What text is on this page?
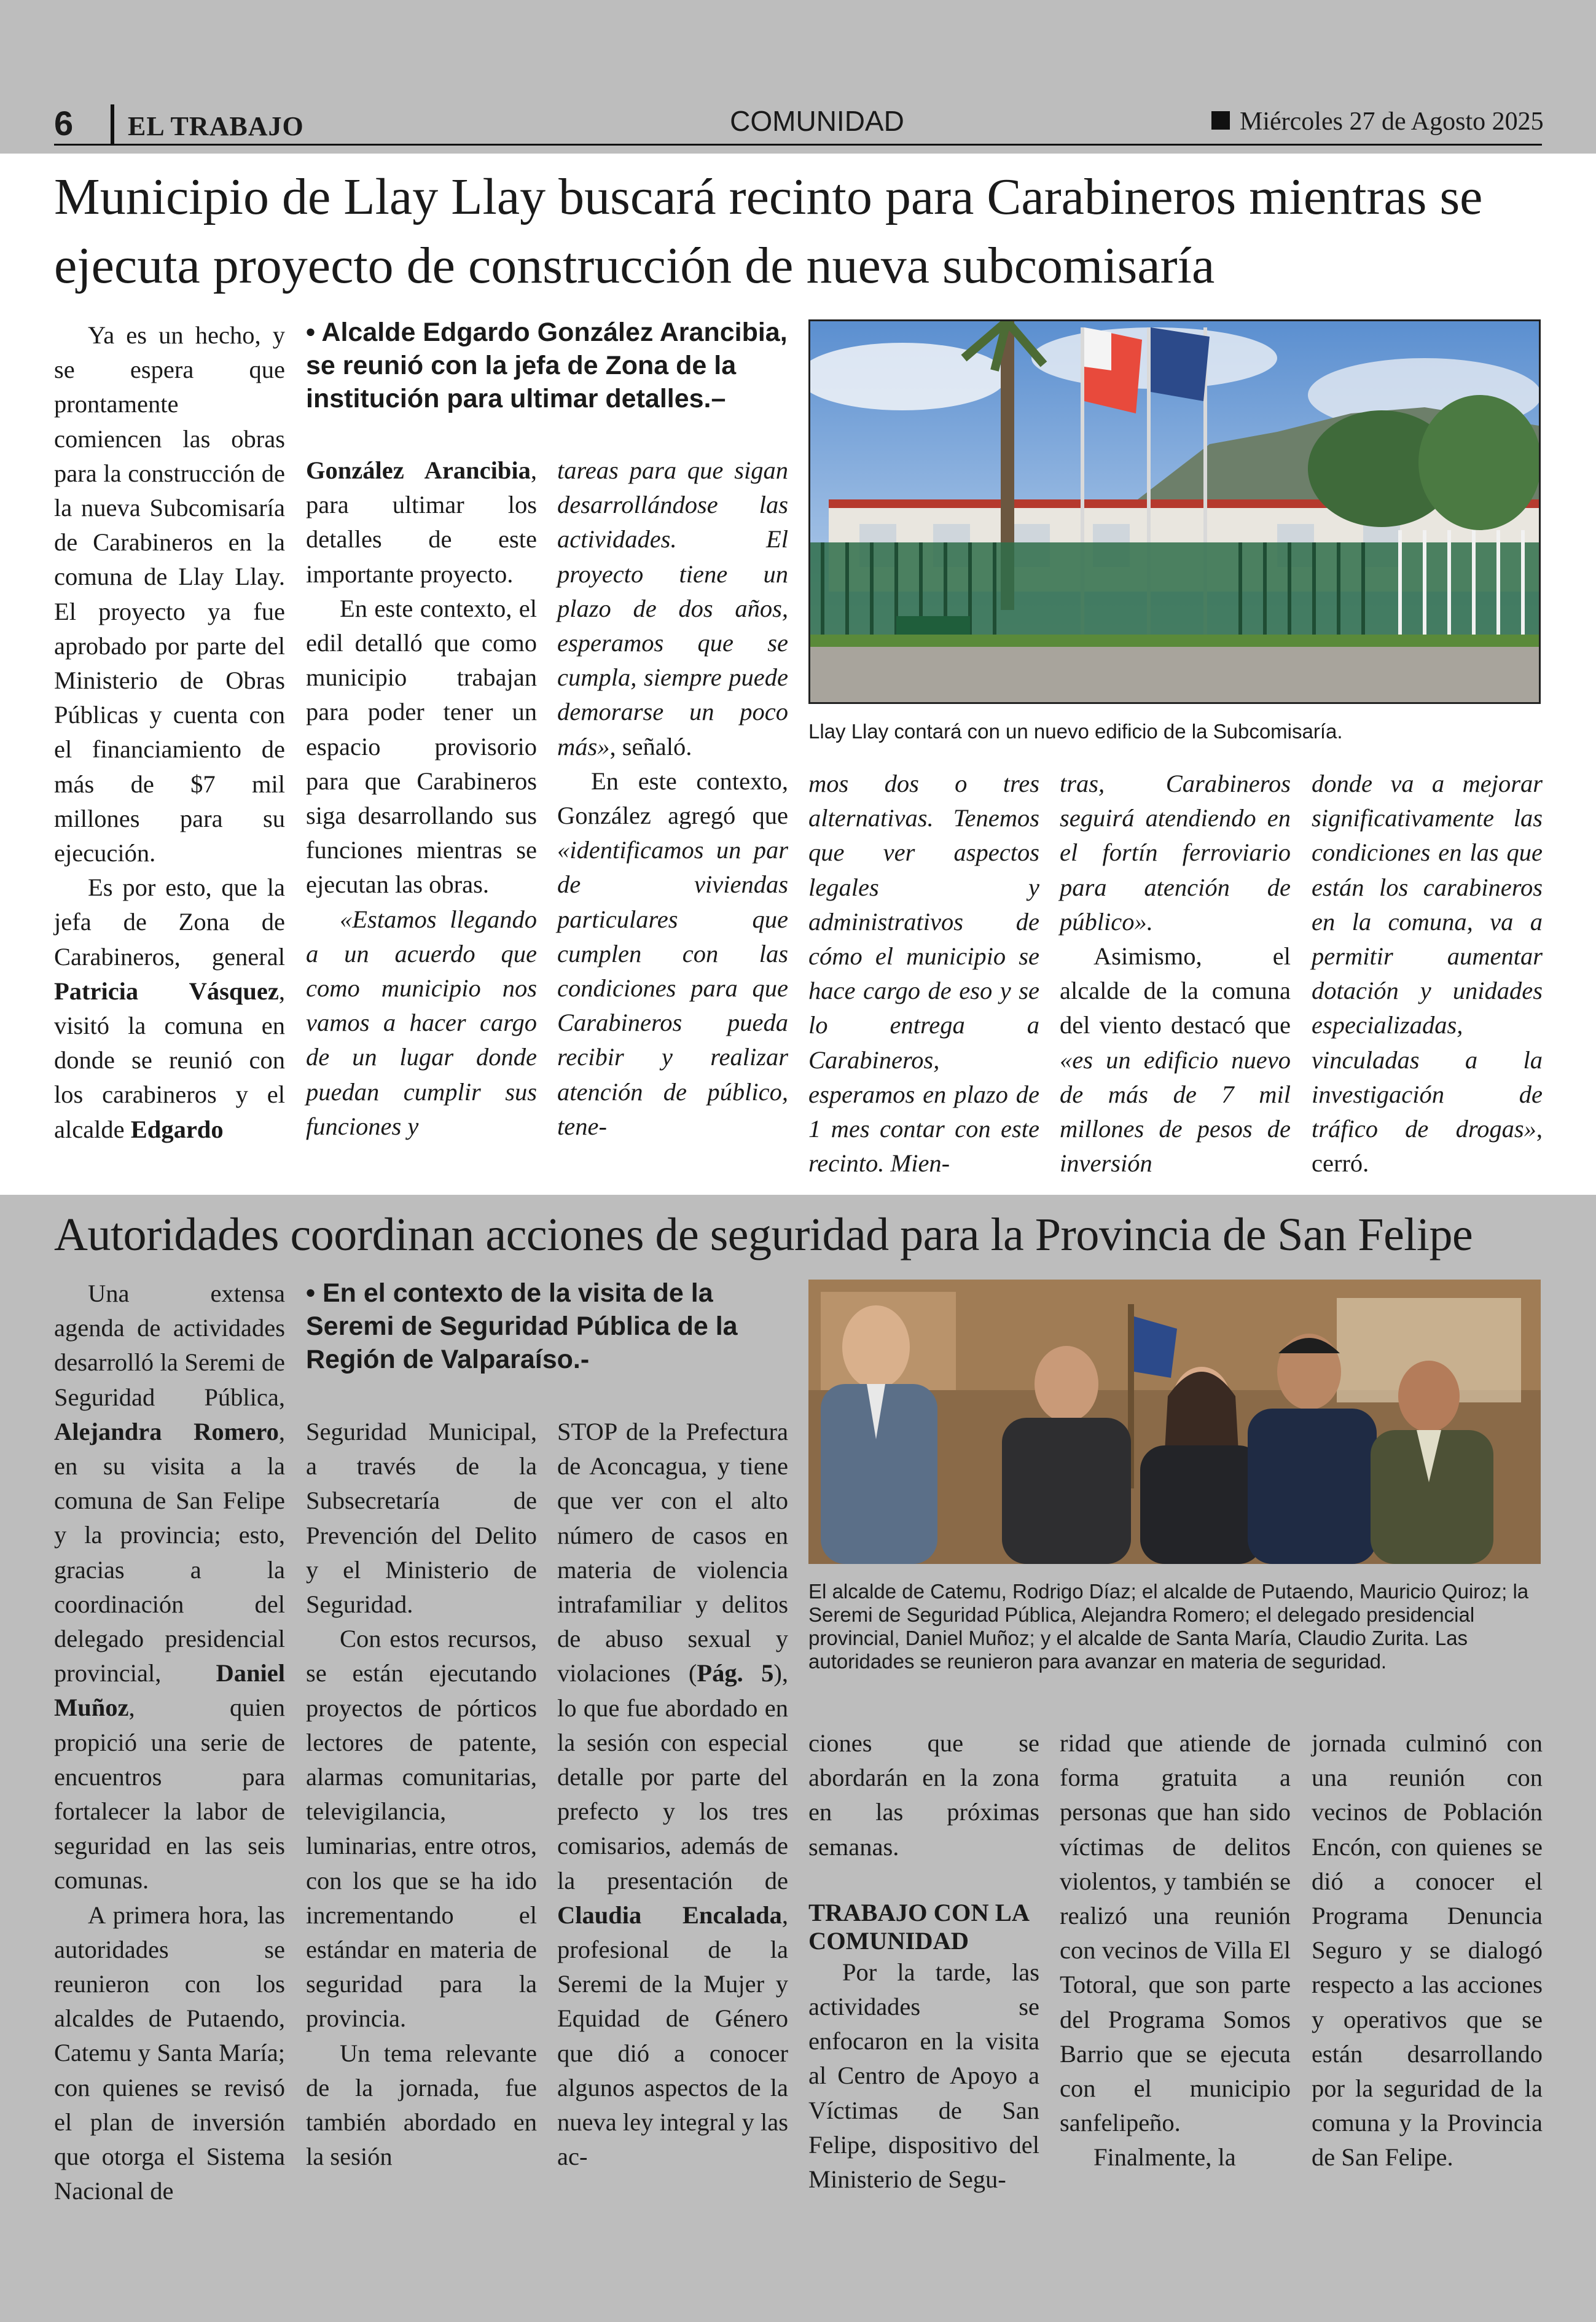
6 EL TRABAJO	COMUNIDAD	Miércoles 27 de Agosto 2025
Municipio de Llay Llay buscará recinto para Carabineros mientras se ejecuta proyecto de construcción de nueva subcomisaría
• Alcalde Edgardo González Arancibia, se reunió con la jefa de Zona de la institución para ultimar detalles.–

Ya es un hecho, y se espera que prontamente comiencen las obras para la construcción de la nueva Subcomisaría de Carabineros en la comuna de Llay Llay. El proyecto ya fue aprobado por parte del Ministerio de Obras Públicas y cuenta con el financiamiento de más de $7 mil millones para su ejecución.

Es por esto, que la jefa de Zona de Carabineros, general Patricia Vásquez, visitó la comuna en donde se reunió con los carabineros y el alcalde Edgardo

González Arancibia, para ultimar los detalles de este importante proyecto.

En este contexto, el edil detalló que como municipio trabajan para poder tener un espacio provisorio para que Carabineros siga desarrollando sus funciones mientras se ejecutan las obras.

«Estamos llegando a un acuerdo que como municipio nos vamos a hacer cargo de un lugar donde puedan cumplir sus funciones y

tareas para que sigan desarrollándose las actividades. El proyecto tiene un plazo de dos años, esperamos que se cumpla, siempre puede demorarse un poco más», señaló.

En este contexto, González agregó que «identificamos un par de viviendas particulares que cumplen con las condiciones para que Carabineros pueda recibir y realizar atención de público, tene-

Llay Llay contará con un nuevo edificio de la Subcomisaría.

mos dos o tres alternativas. Tenemos que ver aspectos legales y administrativos de cómo el municipio se hace cargo de eso y se lo entrega a Carabineros, esperamos en plazo de 1 mes contar con este recinto. Mien-

tras, Carabineros seguirá atendiendo en el fortín ferroviario para atención de público».

Asimismo, el alcalde de la comuna del viento destacó que «es un edificio nuevo de más de 7 mil millones de pesos de inversión

donde va a mejorar significativamente las condiciones en las que están los carabineros en la comuna, va a permitir aumentar dotación y unidades especializadas, vinculadas a la investigación de tráfico de drogas», cerró.

Autoridades coordinan acciones de seguridad para la Provincia de San Felipe
• En el contexto de la visita de la Seremi de Seguridad Pública de la Región de Valparaíso.-

Una extensa agenda de actividades desarrolló la Seremi de Seguridad Pública, Alejandra Romero, en su visita a la comuna de San Felipe y la provincia; esto, gracias a la coordinación del delegado presidencial provincial, Daniel Muñoz, quien propició una serie de encuentros para fortalecer la labor de seguridad en las seis comunas.

A primera hora, las autoridades se reunieron con los alcaldes de Putaendo, Catemu y Santa María; con quienes se revisó el plan de inversión que otorga el Sistema Nacional de

Seguridad Municipal, a través de la Subsecretaría de Prevención del Delito y el Ministerio de Seguridad.

Con estos recursos, se están ejecutando proyectos de pórticos lectores de patente, alarmas comunitarias, televigilancia, luminarias, entre otros, con los que se ha ido incrementando el estándar en materia de seguridad para la provincia.

Un tema relevante de la jornada, fue también abordado en la sesión

STOP de la Prefectura de Aconcagua, y tiene que ver con el alto número de casos en materia de violencia intrafamiliar y delitos de abuso sexual y violaciones (Pág. 5), lo que fue abordado en la sesión con especial detalle por parte del prefecto y los tres comisarios, además de la presentación de Claudia Encalada, profesional de la Seremi de la Mujer y Equidad de Género que dió a conocer algunos aspectos de la nueva ley integral y las ac-

El alcalde de Catemu, Rodrigo Díaz; el alcalde de Putaendo, Mauricio Quiroz; la Seremi de Seguridad Pública, Alejandra Romero; el delegado presidencial provincial, Daniel Muñoz; y el alcalde de Santa María, Claudio Zurita. Las autoridades se reunieron para avanzar en materia de seguridad.

ciones que se abordarán en la zona en las próximas semanas.

TRABAJO CON LA COMUNIDAD

Por la tarde, las actividades se enfocaron en la visita al Centro de Apoyo a Víctimas de San Felipe, dispositivo del Ministerio de Segu-

ridad que atiende de forma gratuita a personas que han sido víctimas de delitos violentos, y también se realizó una reunión con vecinos de Villa El Totoral, que son parte del Programa Somos Barrio que se ejecuta con el municipio sanfelipeño.

Finalmente, la

jornada culminó con una reunión con vecinos de Población Encón, con quienes se dió a conocer el Programa Denuncia Seguro y se dialogó respecto a las acciones y operativos que se están desarrollando por la seguridad de la comuna y la Provincia de San Felipe.
